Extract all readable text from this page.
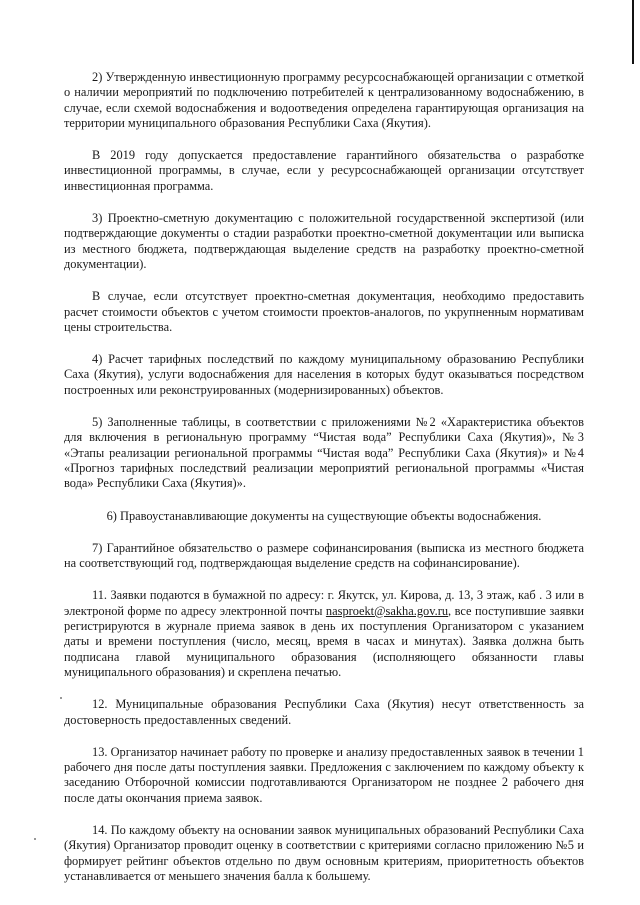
2) Утвержденную инвестиционную программу ресурсоснабжающей организации с отметкой о наличии мероприятий по подключению потребителей к централизованному водоснабжению, в случае, если схемой водоснабжения и водоотведения определена гарантирующая организация на территории муниципального образования Республики Саха (Якутия).

В 2019 году допускается предоставление гарантийного обязательства о разработке инвестиционной программы, в случае, если у ресурсоснабжающей организации отсутствует инвестиционная программа.

3) Проектно-сметную документацию с положительной государственной экспертизой (или подтверждающие документы о стадии разработки проектно-сметной документации или выписка из местного бюджета, подтверждающая выделение средств на разработку проектно-сметной документации).

В случае, если отсутствует проектно-сметная документация, необходимо предоставить расчет стоимости объектов с учетом стоимости проектов-аналогов, по укрупненным нормативам цены строительства.

4) Расчет тарифных последствий по каждому муниципальному образованию Республики Саха (Якутия), услуги водоснабжения для населения в которых будут оказываться посредством построенных или реконструированных (модернизированных) объектов.

5) Заполненные таблицы, в соответствии с приложениями №2 «Характеристика объектов для включения в региональную программу “Чистая вода” Республики Саха (Якутия)», №3 «Этапы реализации региональной программы “Чистая вода” Республики Саха (Якутия)» и №4 «Прогноз тарифных последствий реализации мероприятий региональной программы «Чистая вода» Республики Саха (Якутия)».

6) Правоустанавливающие документы на существующие объекты водоснабжения.

7) Гарантийное обязательство о размере софинансирования (выписка из местного бюджета на соответствующий год, подтверждающая выделение средств на софинансирование).

11. Заявки подаются в бумажной по адресу: г. Якутск, ул. Кирова, д. 13, 3 этаж, каб . 3 или в электроной форме по адресу электронной почты nasproekt@sakha.gov.ru, все поступившие заявки регистрируются в журнале приема заявок в день их поступления Организатором с указанием даты и времени поступления (число, месяц, время в часах и минутах). Заявка должна быть подписана главой муниципального образования (исполняющего обязанности главы муниципального образования) и скреплена печатью.

12. Муниципальные образования Республики Саха (Якутия) несут ответственность за достоверность предоставленных сведений.

13. Организатор начинает работу по проверке и анализу предоставленных заявок в течении 1 рабочего дня после даты поступления заявки. Предложения с заключением по каждому объекту к заседанию Отборочной комиссии подготавливаются Организатором не позднее 2 рабочего дня после даты окончания приема заявок.

14. По каждому объекту на основании заявок муниципальных образований Республики Саха (Якутия) Организатор проводит оценку в соответствии с критериями согласно приложению №5 и формирует рейтинг объектов отдельно по двум основным критериям, приоритетность объектов устанавливается от меньшего значения балла к большему.
